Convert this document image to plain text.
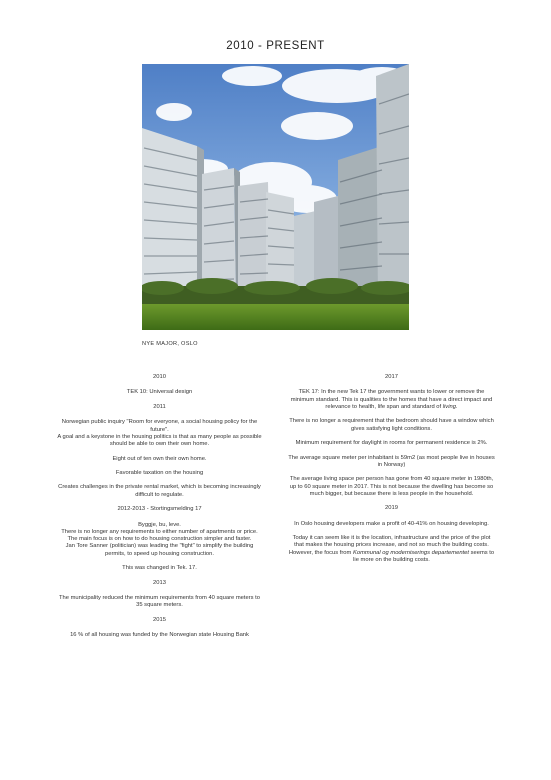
2010 - PRESENT
NYE MAJOR, OSLO

2010

TEK 10: Universal design

2011

Norwegian public inquiry "Room for everyone, a social housing policy for the future".

A goal and a keystone in the housing politics is that as many people as possible should be able to own their own home.

Eight out of ten own their own home.

Favorable taxation on the housing

Creates challenges in the private rental market, which is becoming increasingly difficult to regulate.

2012-2013 - Stortingsmelding 17

Byggje, bu, leve.

There is no longer any requirements to either number of apartments or price. The main focus is on how to do housing construction simpler and faster.

Jan Tore Sanner (politician) was leading the "fight" to simplify the building permits, to speed up housing construction.

This was changed in Tek. 17.

2013

The municipality reduced the minimum requirements from 40 square meters to 35 square meters.

2015

16 % of all housing was funded by the Norwegian state Housing Bank

2017

TEK 17: In the new Tek 17 the government wants to lower or remove the minimum standard. This is qualities to the homes that have a direct impact and relevance to health, life span and standard of living.

There is no longer a requirement that the bedroom should have a window which gives satisfying light conditions.

Minimum requirement for daylight in rooms for permanent residence is 2%.

The average square meter per inhabitant is 59m2 (as most people live in houses in Norway)

The average living space per person has gone from 40 square meter in 1980th, up to 60 square meter in 2017. This is not because the dwelling has become so much bigger, but because there is less people in the household.

2019

In Oslo housing developers make a profit of 40-41% on housing developing.

Today it can seem like it is the location, infrastructure and the price of the plot that makes the housing prices increase, and not so much the building costs. However, the focus from Kommunal og moderniserings departementet seems to lie more on the building costs.
